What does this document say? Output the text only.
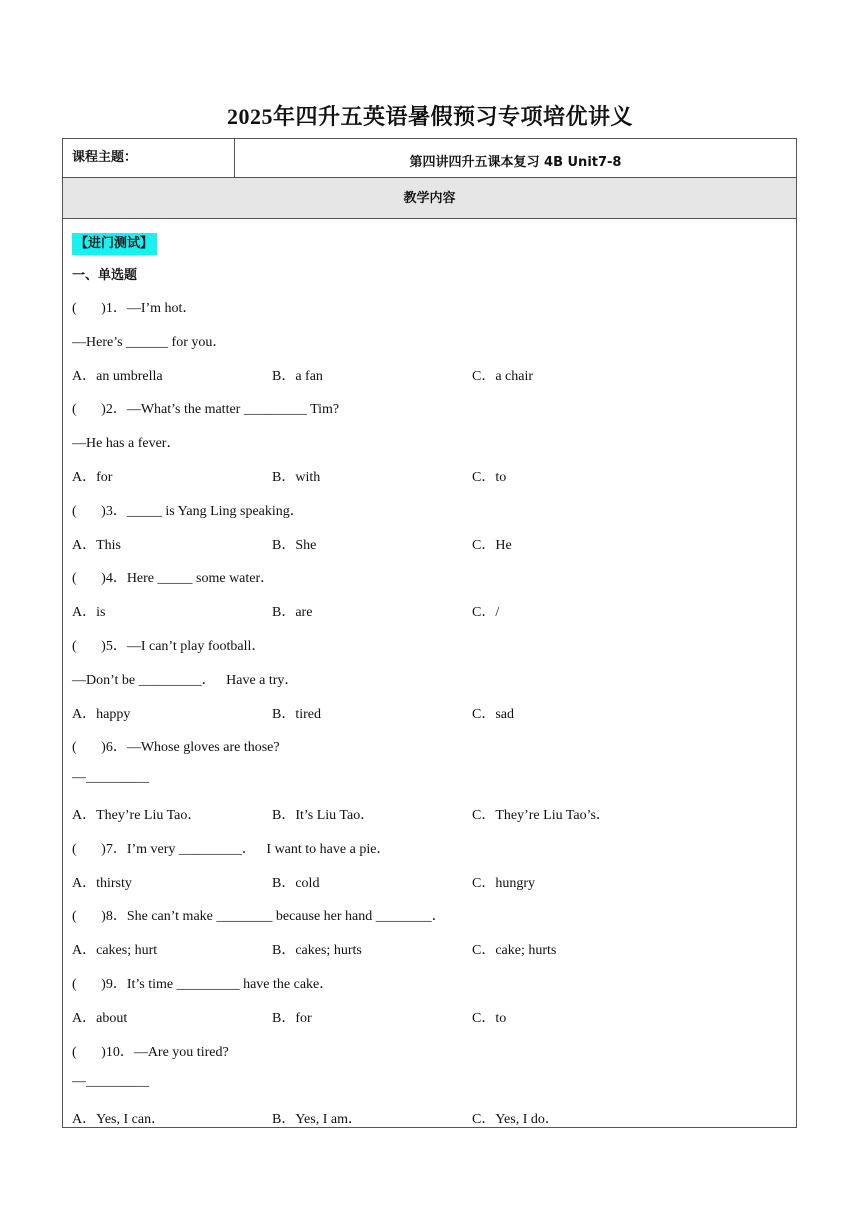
2025年四升五英语暑假预习专项培优讲义
课程主题：	第四讲四升五课本复习 4B Unit7-8
教学内容
【进门测试】
一、单选题
(       )1．—I’m hot．
—Here’s ______ for you．
A．an umbrella	B．a fan	C．a chair
(       )2．—What’s the matter _________ Tim?
—He has a fever．
A．for	B．with	C．to
(       )3．_____ is Yang Ling speaking．
A．This	B．She	C．He
(       )4．Here _____ some water．
A．is	B．are	C．/
(       )5．—I can’t play football．
—Don’t be _________．   Have a try．
A．happy	B．tired	C．sad
(       )6．—Whose gloves are those?
—_________
A．They’re Liu Tao．	B．It’s Liu Tao．	C．They’re Liu Tao’s．
(       )7．I’m very _________．   I want to have a pie．
A．thirsty	B．cold	C．hungry
(       )8．She can’t make ________ because her hand ________．
A．cakes; hurt	B．cakes; hurts	C．cake; hurts
(       )9．It’s time _________ have the cake．
A．about	B．for	C．to
(       )10．—Are you tired?
—_________
A．Yes, I can．	B．Yes, I am．	C．Yes, I do．
